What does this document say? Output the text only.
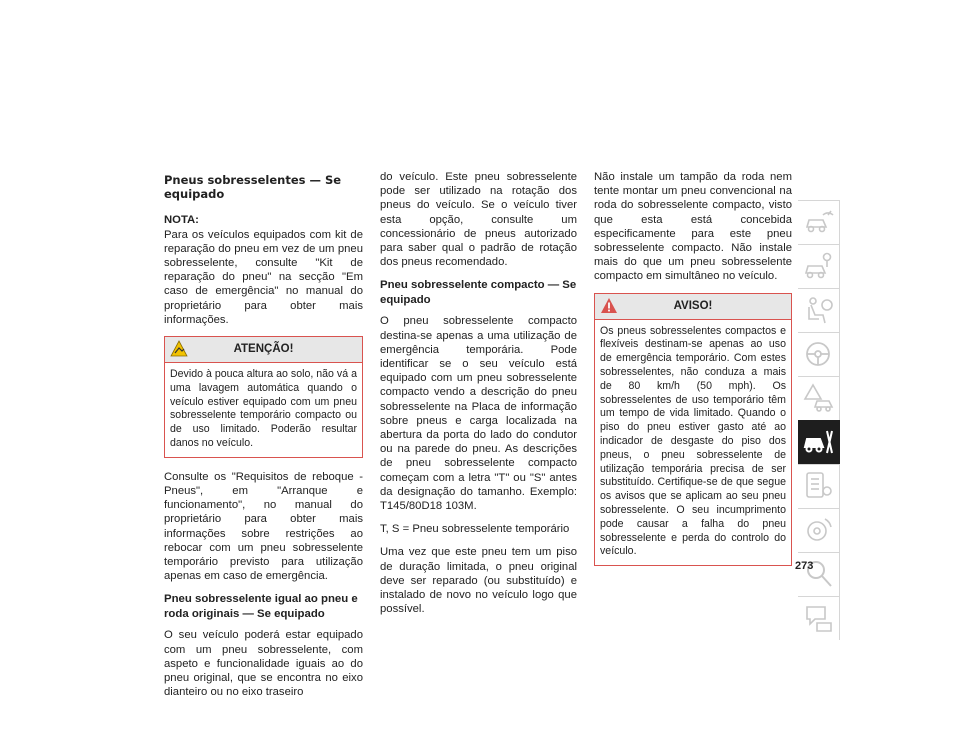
Pneus sobresselentes — Se equipado

NOTA:
Para os veículos equipados com kit de reparação do pneu em vez de um pneu sobresselente, consulte "Kit de reparação do pneu" na secção "Em caso de emergência" no manual do proprietário para obter mais informações.

ATENÇÃO!
Devido à pouca altura ao solo, não vá a uma lavagem automática quando o veículo estiver equipado com um pneu sobresselente temporário compacto ou de uso limitado. Poderão resultar danos no veículo.

Consulte os "Requisitos de reboque - Pneus", em "Arranque e funcionamento", no manual do proprietário para obter mais informações sobre restrições ao rebocar com um pneu sobresselente temporário previsto para utilização apenas em caso de emergência.

Pneu sobresselente igual ao pneu e roda originais — Se equipado

O seu veículo poderá estar equipado com um pneu sobresselente, com aspeto e funcionalidade iguais ao do pneu original, que se encontra no eixo dianteiro ou no eixo traseiro

do veículo. Este pneu sobresselente pode ser utilizado na rotação dos pneus do veículo. Se o veículo tiver esta opção, consulte um concessionário de pneus autorizado para saber qual o padrão de rotação dos pneus recomendado.

Pneu sobresselente compacto — Se equipado

O pneu sobresselente compacto destina-se apenas a uma utilização de emergência temporária. Pode identificar se o seu veículo está equipado com um pneu sobresselente compacto vendo a descrição do pneu sobresselente na Placa de informação sobre pneus e carga localizada na abertura da porta do lado do condutor ou na parede do pneu. As descrições de pneu sobresselente compacto começam com a letra "T" ou "S" antes da designação do tamanho. Exemplo: T145/80D18 103M.

T, S = Pneu sobresselente temporário

Uma vez que este pneu tem um piso de duração limitada, o pneu original deve ser reparado (ou substituído) e instalado de novo no veículo logo que possível.

Não instale um tampão da roda nem tente montar um pneu convencional na roda do sobresselente compacto, visto que esta está concebida especificamente para este pneu sobresselente compacto. Não instale mais do que um pneu sobresselente compacto em simultâneo no veículo.

AVISO!
Os pneus sobresselentes compactos e flexíveis destinam-se apenas ao uso de emergência temporário. Com estes sobresselentes, não conduza a mais de 80 km/h (50 mph). Os sobresselentes de uso temporário têm um tempo de vida limitado. Quando o piso do pneu estiver gasto até ao indicador de desgaste do piso dos pneus, o pneu sobresselente de utilização temporária precisa de ser substituído. Certifique-se de que segue os avisos que se aplicam ao seu pneu sobresselente. O seu incumprimento pode causar a falha do pneu sobresselente e perda do controlo do veículo.
273
